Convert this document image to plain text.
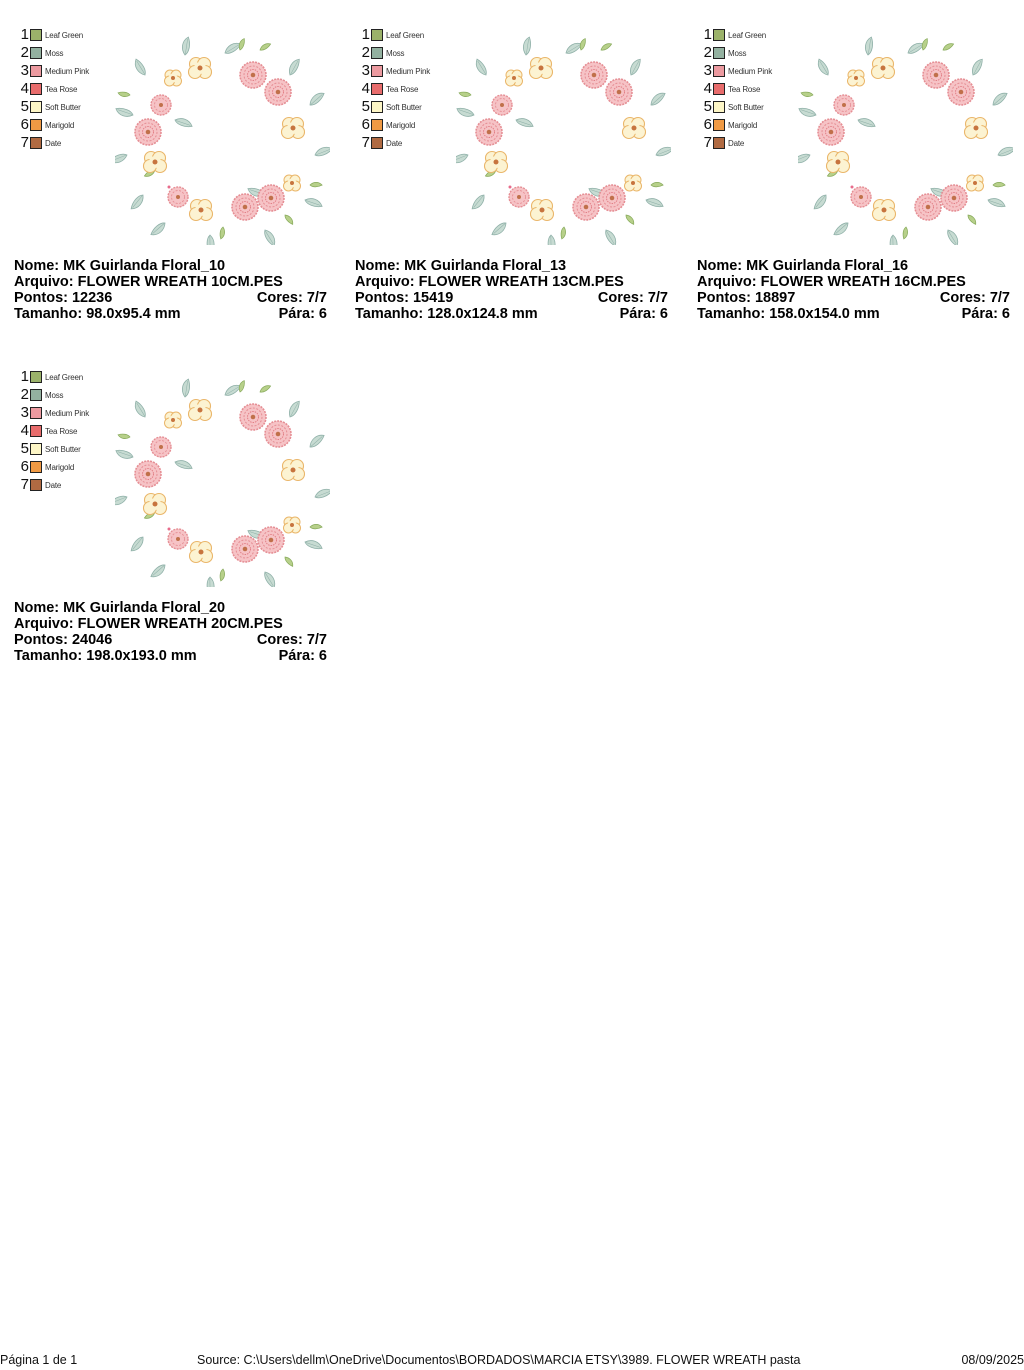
1 Leaf Green
2 Moss
3 Medium Pink
4 Tea Rose
5 Soft Butter
6 Marigold
7 Date
Nome: MK Guirlanda Floral_10
Arquivo: FLOWER WREATH 10CM.PES
Pontos: 12236	Cores: 7/7
Tamanho: 98.0x95.4 mm	Pára: 6
1 Leaf Green
2 Moss
3 Medium Pink
4 Tea Rose
5 Soft Butter
6 Marigold
7 Date
Nome: MK Guirlanda Floral_13
Arquivo: FLOWER WREATH 13CM.PES
Pontos: 15419	Cores: 7/7
Tamanho: 128.0x124.8 mm	Pára: 6
1 Leaf Green
2 Moss
3 Medium Pink
4 Tea Rose
5 Soft Butter
6 Marigold
7 Date
Nome: MK Guirlanda Floral_16
Arquivo: FLOWER WREATH 16CM.PES
Pontos: 18897	Cores: 7/7
Tamanho: 158.0x154.0 mm	Pára: 6
1 Leaf Green
2 Moss
3 Medium Pink
4 Tea Rose
5 Soft Butter
6 Marigold
7 Date
Nome: MK Guirlanda Floral_20
Arquivo: FLOWER WREATH 20CM.PES
Pontos: 24046	Cores: 7/7
Tamanho: 198.0x193.0 mm	Pára: 6
Página 1 de 1	Source: C:\Users\dellm\OneDrive\Documentos\BORDADOS\MARCIA ETSY\3989. FLOWER WREATH pasta	08/09/2025
